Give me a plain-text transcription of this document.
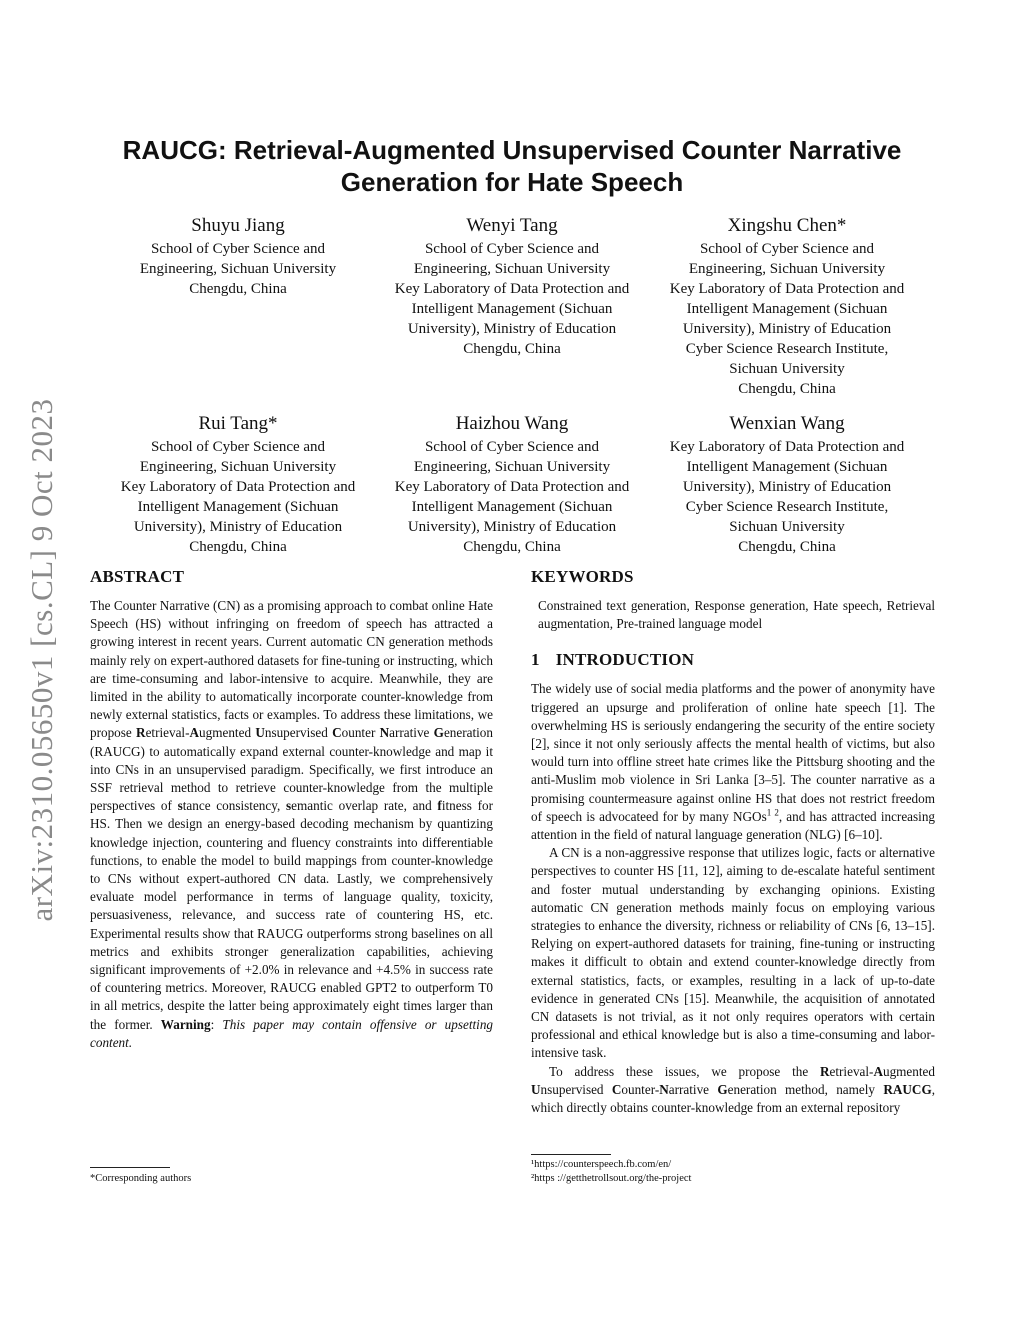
arXiv:2310.05650v1 [cs.CL] 9 Oct 2023
RAUCG: Retrieval-Augmented Unsupervised Counter Narrative
Generation for Hate Speech
Shuyu Jiang
School of Cyber Science and
Engineering, Sichuan University
Chengdu, China
Wenyi Tang
School of Cyber Science and
Engineering, Sichuan University
Key Laboratory of Data Protection and
Intelligent Management (Sichuan
University), Ministry of Education
Chengdu, China
Xingshu Chen*
School of Cyber Science and
Engineering, Sichuan University
Key Laboratory of Data Protection and
Intelligent Management (Sichuan
University), Ministry of Education
Cyber Science Research Institute,
Sichuan University
Chengdu, China
Rui Tang*
School of Cyber Science and
Engineering, Sichuan University
Key Laboratory of Data Protection and
Intelligent Management (Sichuan
University), Ministry of Education
Chengdu, China
Haizhou Wang
School of Cyber Science and
Engineering, Sichuan University
Key Laboratory of Data Protection and
Intelligent Management (Sichuan
University), Ministry of Education
Chengdu, China
Wenxian Wang
Key Laboratory of Data Protection and
Intelligent Management (Sichuan
University), Ministry of Education
Cyber Science Research Institute,
Sichuan University
Chengdu, China
ABSTRACT

The Counter Narrative (CN) as a promising approach to combat online Hate Speech (HS) without infringing on freedom of speech has attracted a growing interest in recent years. Current automatic CN generation methods mainly rely on expert-authored datasets for fine-tuning or instructing, which are time-consuming and labor-intensive to acquire. Meanwhile, they are limited in the ability to automatically incorporate counter-knowledge from newly external statistics, facts or examples. To address these limitations, we propose Retrieval-Augmented Unsupervised Counter Narrative Generation (RAUCG) to automatically expand external counter-knowledge and map it into CNs in an unsupervised paradigm. Specifically, we first introduce an SSF retrieval method to retrieve counter-knowledge from the multiple perspectives of stance consistency, semantic overlap rate, and fitness for HS. Then we design an energy-based decoding mechanism by quantizing knowledge injection, countering and fluency constraints into differentiable functions, to enable the model to build mappings from counter-knowledge to CNs without expert-authored CN data. Lastly, we comprehensively evaluate model performance in terms of language quality, toxicity, persuasiveness, relevance, and success rate of countering HS, etc. Experimental results show that RAUCG outperforms strong baselines on all metrics and exhibits stronger generalization capabilities, achieving significant improvements of +2.0% in relevance and +4.5% in success rate of countering metrics. Moreover, RAUCG enabled GPT2 to outperform T0 in all metrics, despite the latter being approximately eight times larger than the former. Warning: This paper may contain offensive or upsetting content.

KEYWORDS

Constrained text generation, Response generation, Hate speech, Retrieval augmentation, Pre-trained language model

1 INTRODUCTION

The widely use of social media platforms and the power of anonymity have triggered an upsurge and proliferation of online hate speech [1]. The overwhelming HS is seriously endangering the security of the entire society [2], since it not only seriously affects the mental health of victims, but also would turn into offline street hate crimes like the Pittsburg shooting and the anti-Muslim mob violence in Sri Lanka [3–5]. The counter narrative as a promising countermeasure against online HS that does not restrict freedom of speech is advocateed for by many NGOs$^{1 2}$, and has attracted increasing attention in the field of natural language generation (NLG) [6–10].

A CN is a non-aggressive response that utilizes logic, facts or alternative perspectives to counter HS [11, 12], aiming to de-escalate hateful sentiment and foster mutual understanding by exchanging opinions. Existing automatic CN generation methods mainly focus on employing various strategies to enhance the diversity, richness or reliability of CNs [6, 13–15]. Relying on expert-authored datasets for training, fine-tuning or instructing makes it difficult to obtain and extend counter-knowledge directly from external statistics, facts, or examples, resulting in a lack of up-to-date evidence in generated CNs [15]. Meanwhile, the acquisition of annotated CN datasets is not trivial, as it not only requires operators with certain professional and ethical knowledge but is also a time-consuming and labor-intensive task.

To address these issues, we propose the Retrieval-Augmented Unsupervised Counter-Narrative Generation method, namely RAUCG, which directly obtains counter-knowledge from an external repository

*Corresponding authors
¹https://counterspeech.fb.com/en/
²https ://getthetrollsout.org/the-project
